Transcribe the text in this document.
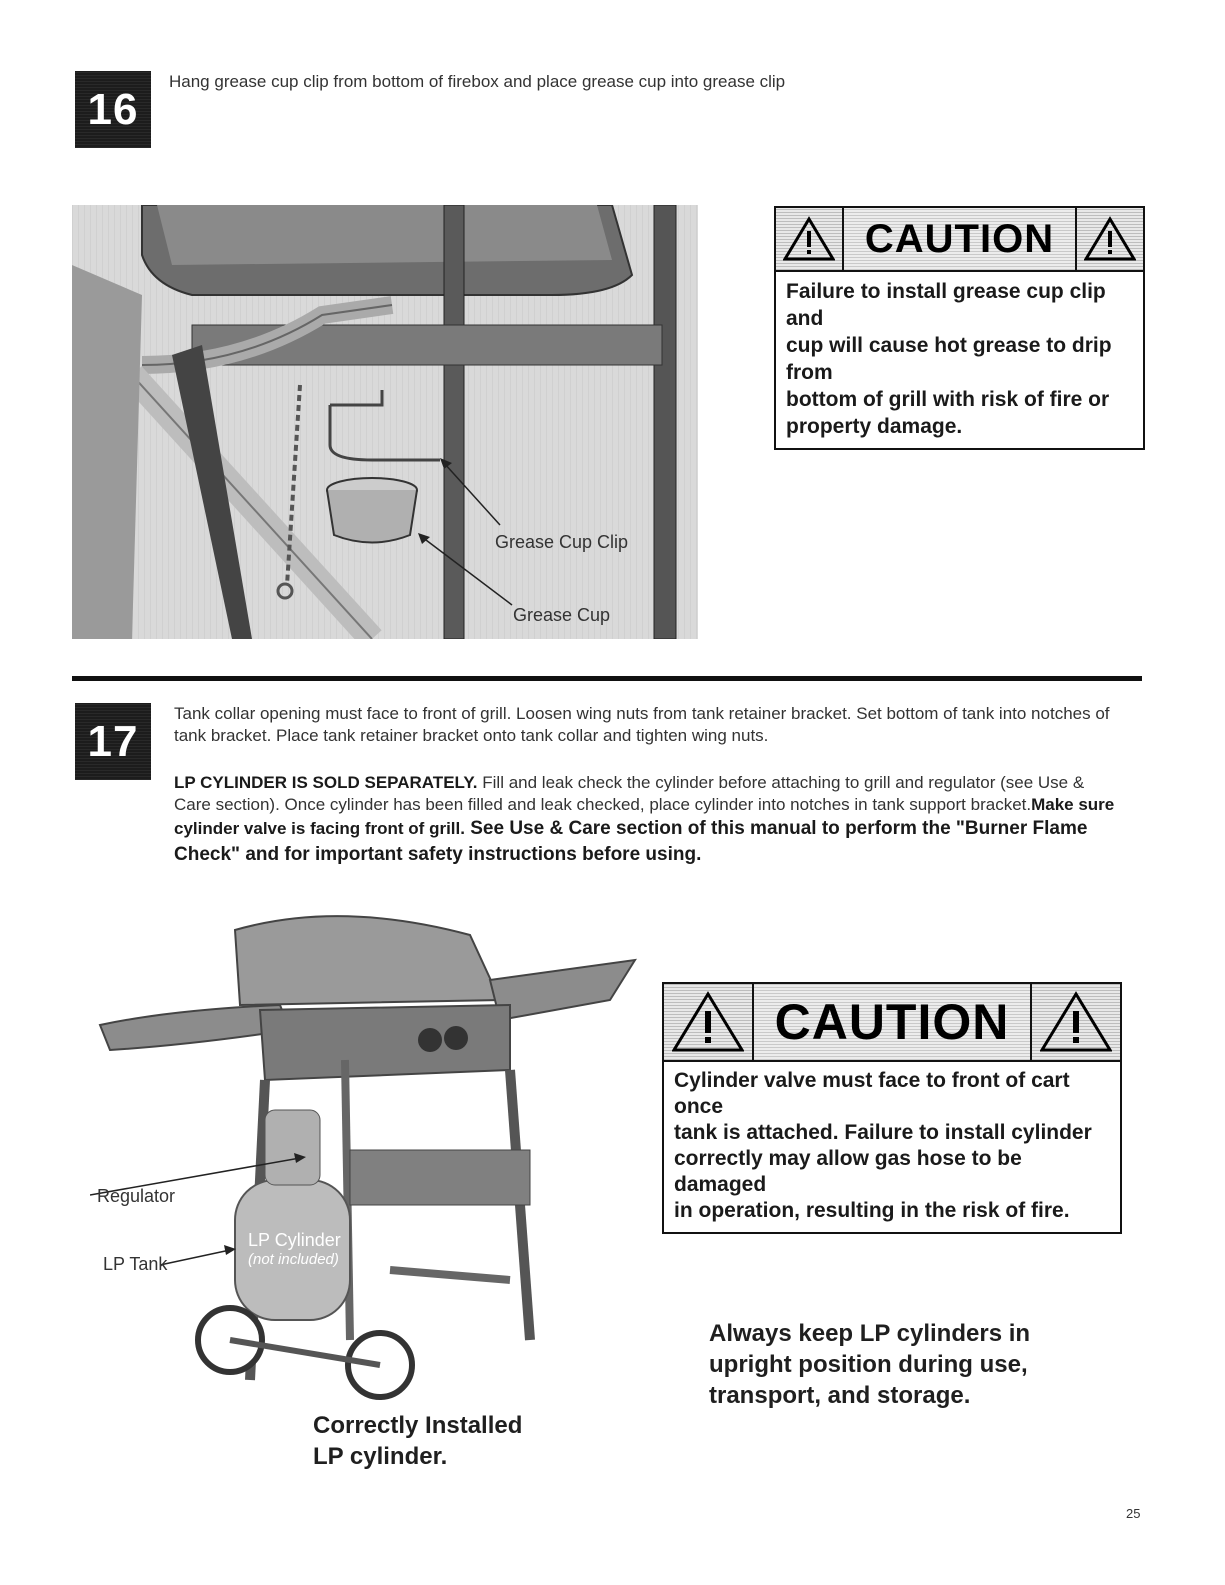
16
Hang grease cup clip from bottom of firebox and place grease cup into grease clip
Grease Cup Clip
Grease Cup
CAUTION
Failure to install grease cup clip and
cup will cause hot grease to drip from
bottom of grill with risk of fire or
property damage.
17
Tank collar opening must face to front of grill. Loosen wing nuts from tank retainer bracket. Set bottom of tank into notches of
tank bracket. Place tank retainer bracket onto tank collar and tighten wing nuts.
LP CYLINDER IS SOLD SEPARATELY. Fill and leak check the cylinder before attaching to grill and regulator (see Use &
Care section). Once cylinder has been filled and leak checked, place cylinder into notches in tank support bracket.Make sure
cylinder valve is facing front of grill. See Use & Care section of this manual to perform the "Burner Flame
Check" and for important safety instructions before using.
LP Cylinder
(not included)
Regulator
LP Tank
Correctly Installed
LP cylinder.
CAUTION
Cylinder valve must face to front of cart once
tank is attached. Failure to install cylinder
correctly may allow gas hose to be damaged
in operation, resulting in the risk of fire.
Always keep LP cylinders in
upright position during use,
transport, and storage.
25
